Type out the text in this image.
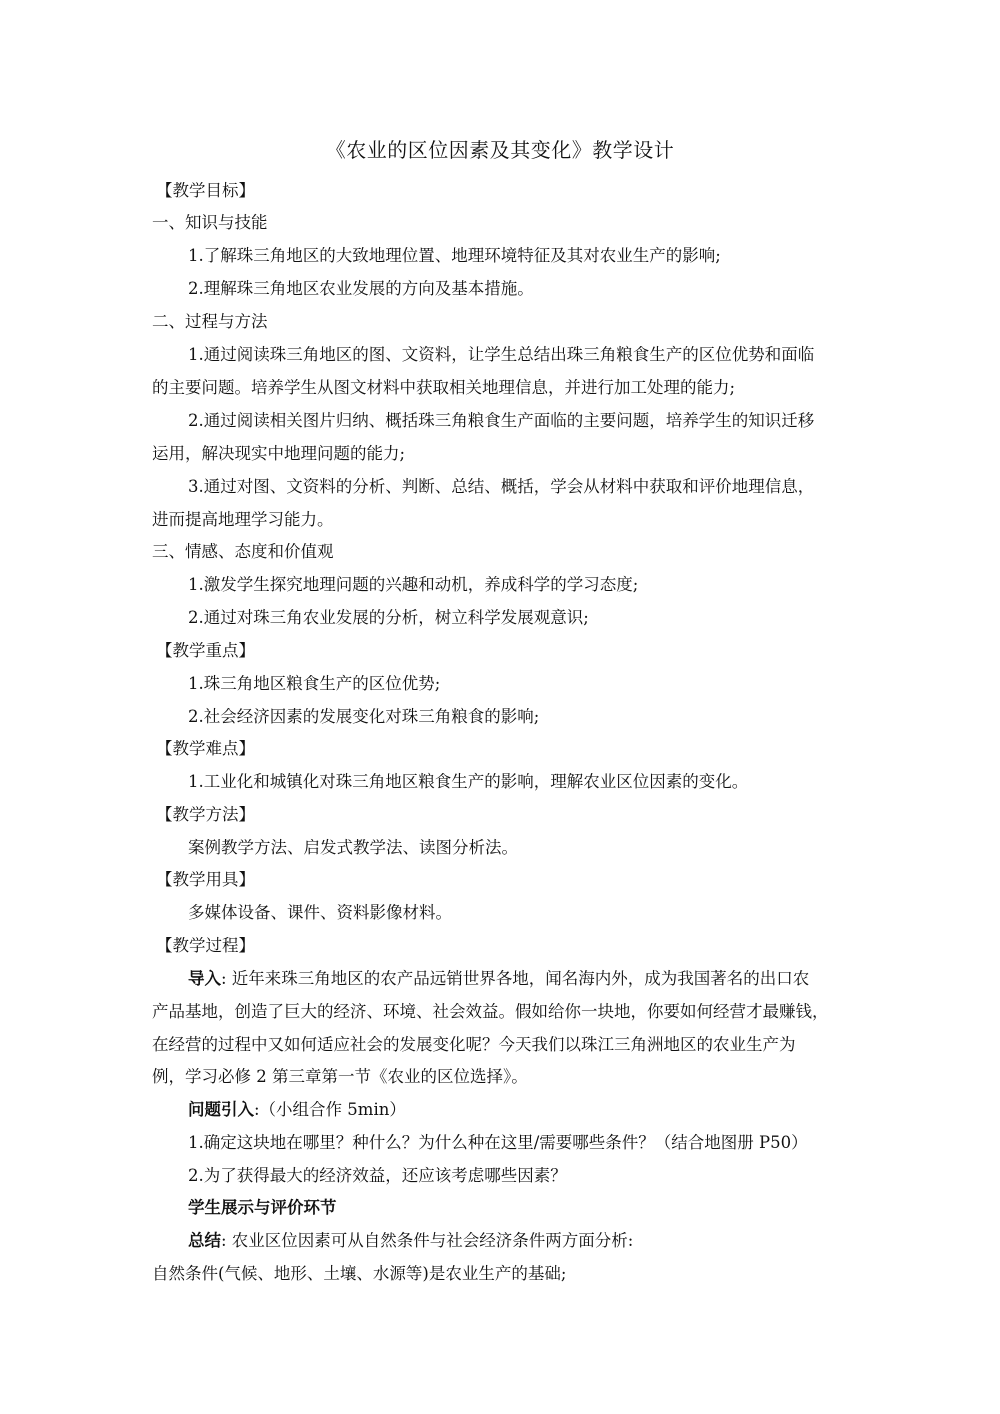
《农业的区位因素及其变化》教学设计
【教学目标】
一、知识与技能
1.了解珠三角地区的大致地理位置、地理环境特征及其对农业生产的影响;
2.理解珠三角地区农业发展的方向及基本措施。
二、过程与方法
1.通过阅读珠三角地区的图、文资料，让学生总结出珠三角粮食生产的区位优势和面临
的主要问题。培养学生从图文材料中获取相关地理信息，并进行加工处理的能力;
2.通过阅读相关图片归纳、概括珠三角粮食生产面临的主要问题，培养学生的知识迁移
运用，解决现实中地理问题的能力;
3.通过对图、文资料的分析、判断、总结、概括，学会从材料中获取和评价地理信息，
进而提高地理学习能力。
三、情感、态度和价值观
1.激发学生探究地理问题的兴趣和动机，养成科学的学习态度;
2.通过对珠三角农业发展的分析，树立科学发展观意识;
【教学重点】
1.珠三角地区粮食生产的区位优势;
2.社会经济因素的发展变化对珠三角粮食的影响;
【教学难点】
1.工业化和城镇化对珠三角地区粮食生产的影响，理解农业区位因素的变化。
【教学方法】
案例教学方法、启发式教学法、读图分析法。
【教学用具】
多媒体设备、课件、资料影像材料。
【教学过程】
导入: 近年来珠三角地区的农产品远销世界各地，闻名海内外，成为我国著名的出口农
产品基地，创造了巨大的经济、环境、社会效益。假如给你一块地，你要如何经营才最赚钱，
在经营的过程中又如何适应社会的发展变化呢？今天我们以珠江三角洲地区的农业生产为
例，学习必修 2 第三章第一节《农业的区位选择》。
问题引入:（小组合作 5min）
1.确定这块地在哪里？种什么？为什么种在这里/需要哪些条件？（结合地图册 P50）
2.为了获得最大的经济效益，还应该考虑哪些因素？
学生展示与评价环节
总结: 农业区位因素可从自然条件与社会经济条件两方面分析:
自然条件(气候、地形、土壤、水源等)是农业生产的基础;
